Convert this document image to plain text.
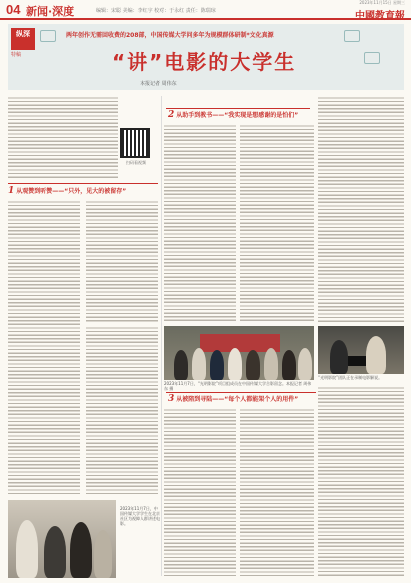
04 新闻·深度	编辑：宋聪 美编：李红宇 校对：于永红 责任：陈瑞琼
2023年11月15日 星期三
中國教育報
纵深
特稿
两年创作无需回收费的208部，中国传媒大学问多年为规模群体研制*文化真源
“讲”电影的大学生
本报记者 周伟东
扫码看视频
1 从观赞到听赞——“只外，见大的被留存”
2 从助手到教书——“我实现是想感谢的是怕们”
2023年11月7日，“光明影院”项目组成员在中国传媒大学合影留念。本报记者 周伟东 摄
“光明影院”团队正在录制电影解说。
3 从被陪到寻陆——“每个人都能架个人的用件”
2023年11月7日，中国传媒大学学生在北京社区为视障人群讲述电影。
